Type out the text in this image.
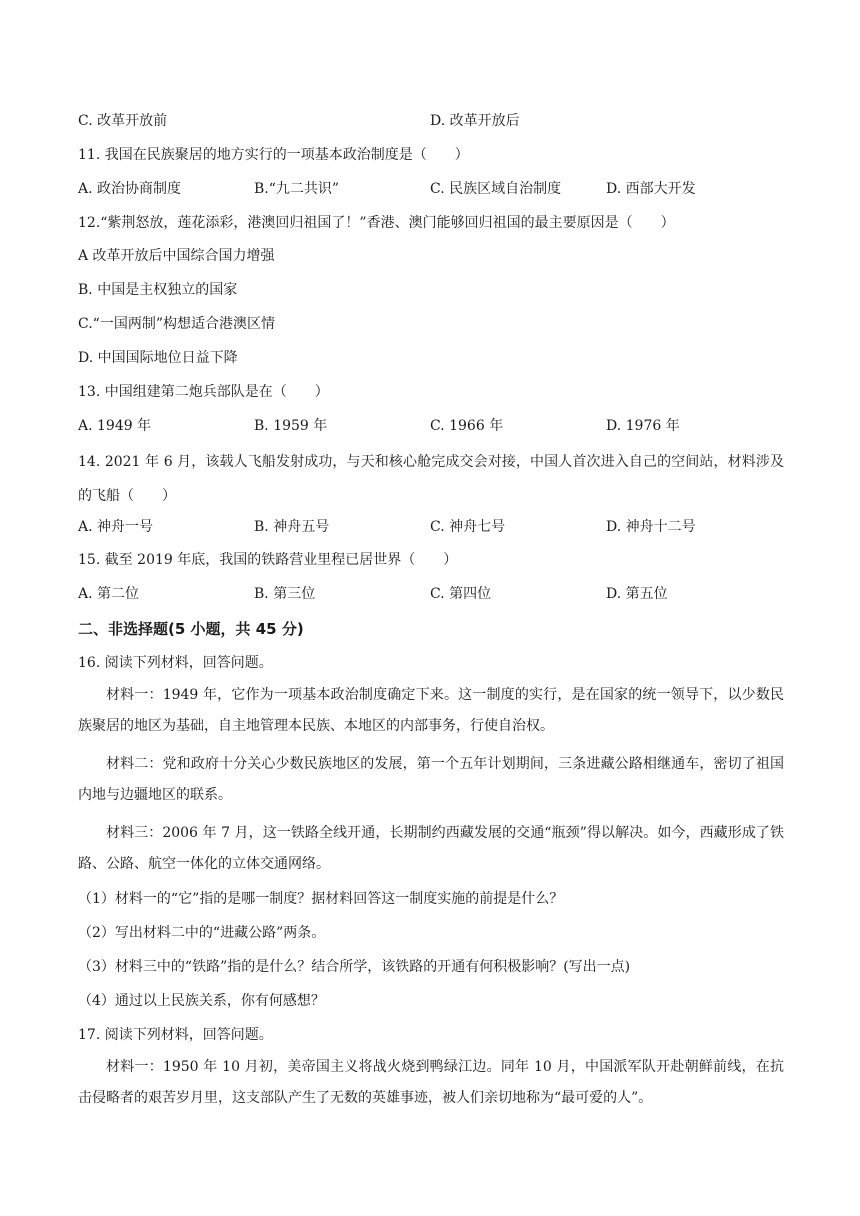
C. 改革开放前	D. 改革开放后
11. 我国在民族聚居的地方实行的一项基本政治制度是（　　）
A. 政治协商制度	B.“九二共识”	C. 民族区域自治制度	D. 西部大开发
12.“紫荆怒放，莲花添彩，港澳回归祖国了！”香港、澳门能够回归祖国的最主要原因是（　　）
A 改革开放后中国综合国力增强
B. 中国是主权独立的国家
C.“一国两制”构想适合港澳区情
D. 中国国际地位日益下降
13. 中国组建第二炮兵部队是在（　　）
A. 1949 年	B. 1959 年	C. 1966 年	D. 1976 年
14. 2021 年 6 月，该载人飞船发射成功，与天和核心舱完成交会对接，中国人首次进入自己的空间站，材料涉及的飞船（　　）
A. 神舟一号	B. 神舟五号	C. 神舟七号	D. 神舟十二号
15. 截至 2019 年底，我国的铁路营业里程已居世界（　　）
A. 第二位	B. 第三位	C. 第四位	D. 第五位
二、非选择题(5 小题，共 45 分)
16. 阅读下列材料，回答问题。
材料一：1949 年，它作为一项基本政治制度确定下来。这一制度的实行，是在国家的统一领导下，以少数民族聚居的地区为基础，自主地管理本民族、本地区的内部事务，行使自治权。
材料二：党和政府十分关心少数民族地区的发展，第一个五年计划期间，三条进藏公路相继通车，密切了祖国内地与边疆地区的联系。
材料三：2006 年 7 月，这一铁路全线开通，长期制约西藏发展的交通“瓶颈”得以解决。如今，西藏形成了铁路、公路、航空一体化的立体交通网络。
（1）材料一的“它”指的是哪一制度？据材料回答这一制度实施的前提是什么？
（2）写出材料二中的“进藏公路”两条。
（3）材料三中的“铁路”指的是什么？结合所学，该铁路的开通有何积极影响？(写出一点)
（4）通过以上民族关系，你有何感想？
17. 阅读下列材料，回答问题。
材料一：1950 年 10 月初，美帝国主义将战火烧到鸭绿江边。同年 10 月，中国派军队开赴朝鲜前线，在抗击侵略者的艰苦岁月里，这支部队产生了无数的英雄事迹，被人们亲切地称为“最可爱的人”。
